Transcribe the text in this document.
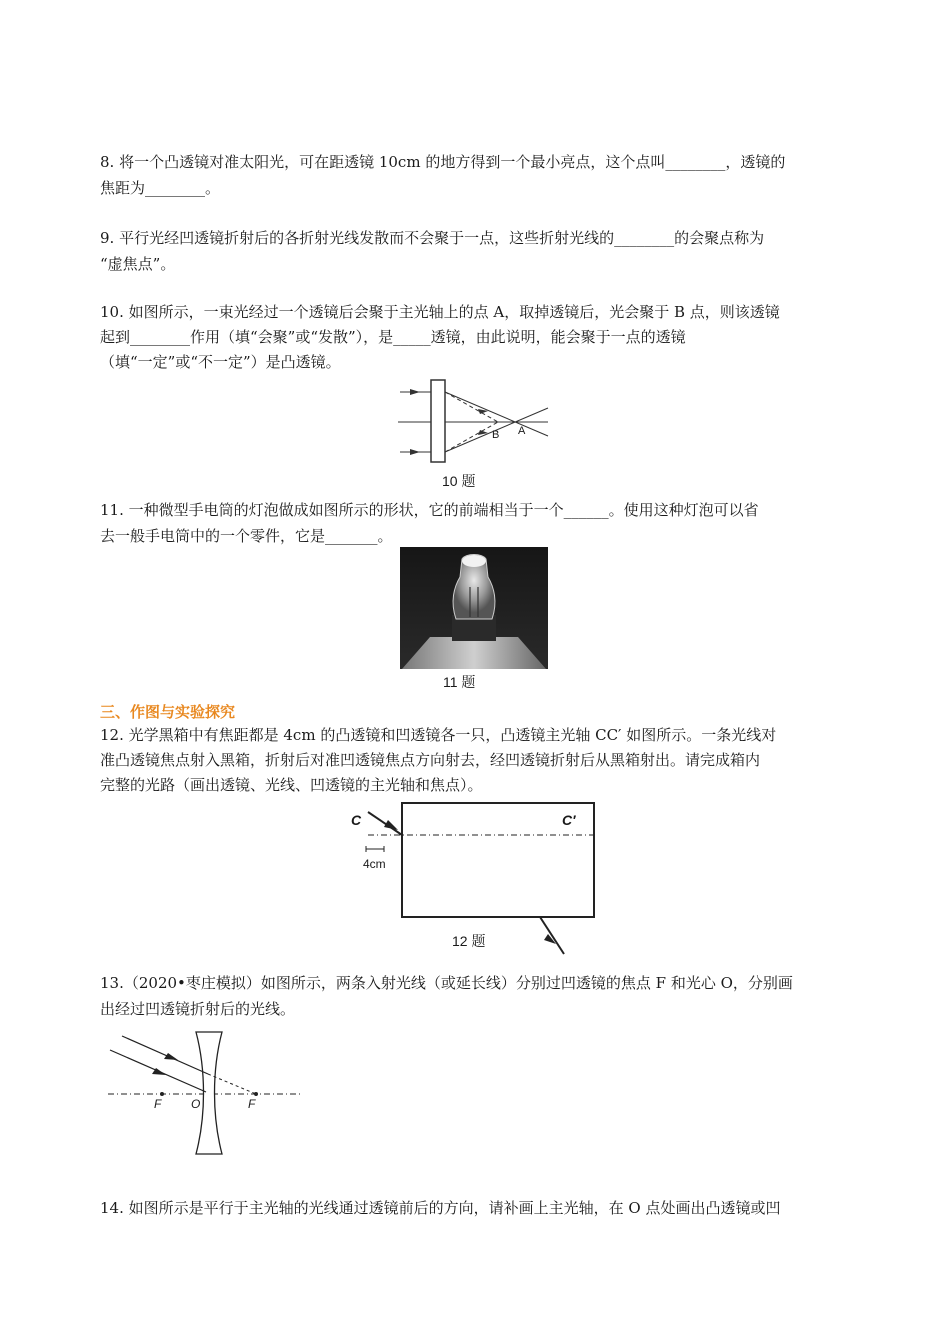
8. 将一个凸透镜对准太阳光，可在距透镜 10cm 的地方得到一个最小亮点，这个点叫________，透镜的
焦距为________。
9. 平行光经凹透镜折射后的各折射光线发散而不会聚于一点，这些折射光线的________的会聚点称为
“虚焦点”。
10. 如图所示，一束光经过一个透镜后会聚于主光轴上的点 A，取掉透镜后，光会聚于 B 点，则该透镜
起到________作用（填“会聚”或“发散”），是_____透镜，由此说明，能会聚于一点的透镜
（填“一定”或“不一定”）是凸透镜。
B A
10 题
11. 一种微型手电筒的灯泡做成如图所示的形状，它的前端相当于一个______。使用这种灯泡可以省
去一般手电筒中的一个零件，它是_______。
11 题
三、作图与实验探究
12. 光学黑箱中有焦距都是 4cm 的凸透镜和凹透镜各一只，凸透镜主光轴 CC′ 如图所示。一条光线对
准凸透镜焦点射入黑箱，折射后对准凹透镜焦点方向射去，经凹透镜折射后从黑箱射出。请完成箱内
完整的光路（画出透镜、光线、凹透镜的主光轴和焦点）。
C	C′
4cm
12 题
13.（2020•枣庄模拟）如图所示，两条入射光线（或延长线）分别过凹透镜的焦点 F 和光心 O，分别画
出经过凹透镜折射后的光线。
F O	F
14. 如图所示是平行于主光轴的光线通过透镜前后的方向，请补画上主光轴，在 O 点处画出凸透镜或凹
